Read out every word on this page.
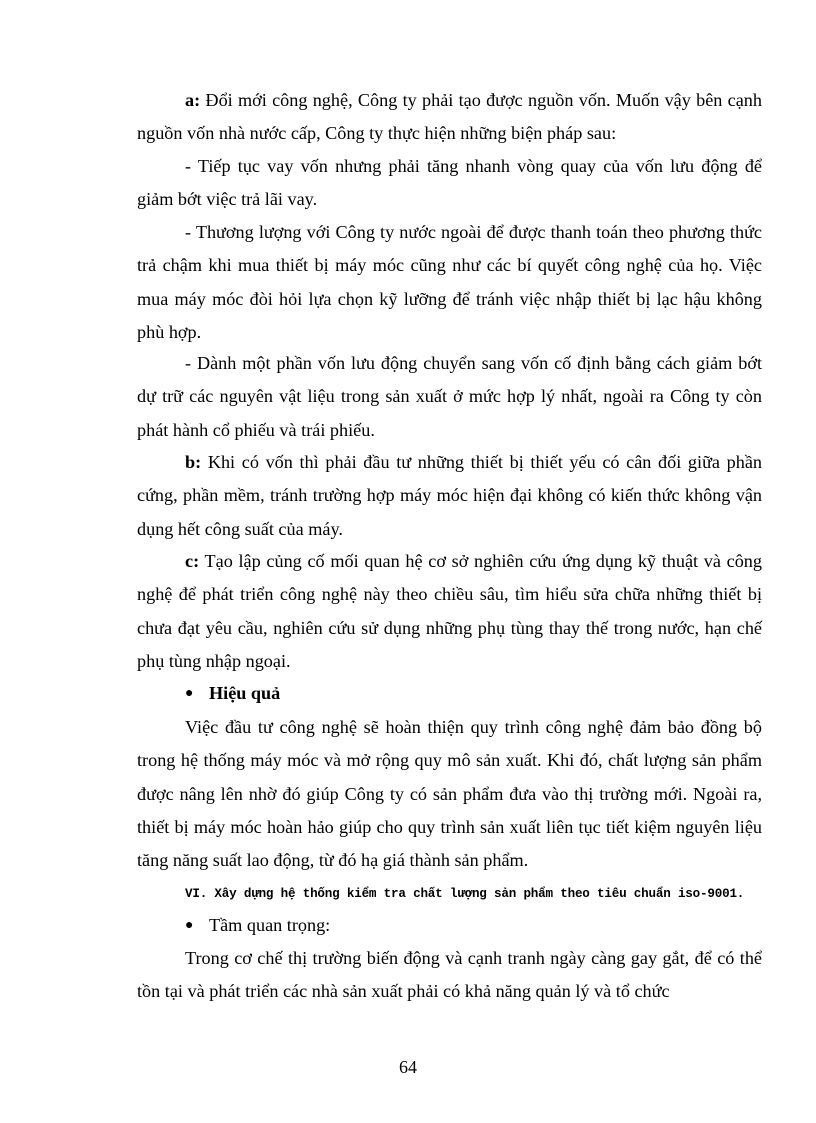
a: Đổi mới công nghệ, Công ty phải tạo được nguồn vốn. Muốn vậy bên cạnh nguồn vốn nhà nước cấp, Công ty thực hiện những biện pháp sau:

- Tiếp tục vay vốn nhưng phải tăng nhanh vòng quay của vốn lưu động để giảm bớt việc trả lãi vay.

- Thương lượng với Công ty nước ngoài để được thanh toán theo phương thức trả chậm khi mua thiết bị máy móc cũng như các bí quyết công nghệ của họ. Việc mua máy móc đòi hỏi lựa chọn kỹ lưỡng để tránh việc nhập thiết bị lạc hậu không phù hợp.

- Dành một phần vốn lưu động chuyển sang vốn cố định bằng cách giảm bớt dự trữ các nguyên vật liệu trong sản xuất ở mức hợp lý nhất, ngoài ra Công ty còn phát hành cổ phiếu và trái phiếu.

b: Khi có vốn thì phải đầu tư những thiết bị thiết yếu có cân đối giữa phần cứng, phần mềm, tránh trường hợp máy móc hiện đại không có kiến thức không vận dụng hết công suất của máy.

c: Tạo lập củng cố mối quan hệ cơ sở nghiên cứu ứng dụng kỹ thuật và công nghệ để phát triển công nghệ này theo chiều sâu, tìm hiểu sửa chữa những thiết bị chưa đạt yêu cầu, nghiên cứu sử dụng những phụ tùng thay thế trong nước, hạn chế phụ tùng nhập ngoại.

● Hiệu quả

Việc đầu tư công nghệ sẽ hoàn thiện quy trình công nghệ đảm bảo đồng bộ trong hệ thống máy móc và mở rộng quy mô sản xuất. Khi đó, chất lượng sản phẩm được nâng lên nhờ đó giúp Công ty có sản phẩm đưa vào thị trường mới. Ngoài ra, thiết bị máy móc hoàn hảo giúp cho quy trình sản xuất liên tục tiết kiệm nguyên liệu tăng năng suất lao động, từ đó hạ giá thành sản phẩm.

VI. Xây dựng hệ thống kiểm tra chất lượng sản phẩm theo tiêu chuẩn iso-9001.

● Tầm quan trọng:

Trong cơ chế thị trường biến động và cạnh tranh ngày càng gay gắt, để có thể tồn tại và phát triển các nhà sản xuất phải có khả năng quản lý và tổ chức

64
